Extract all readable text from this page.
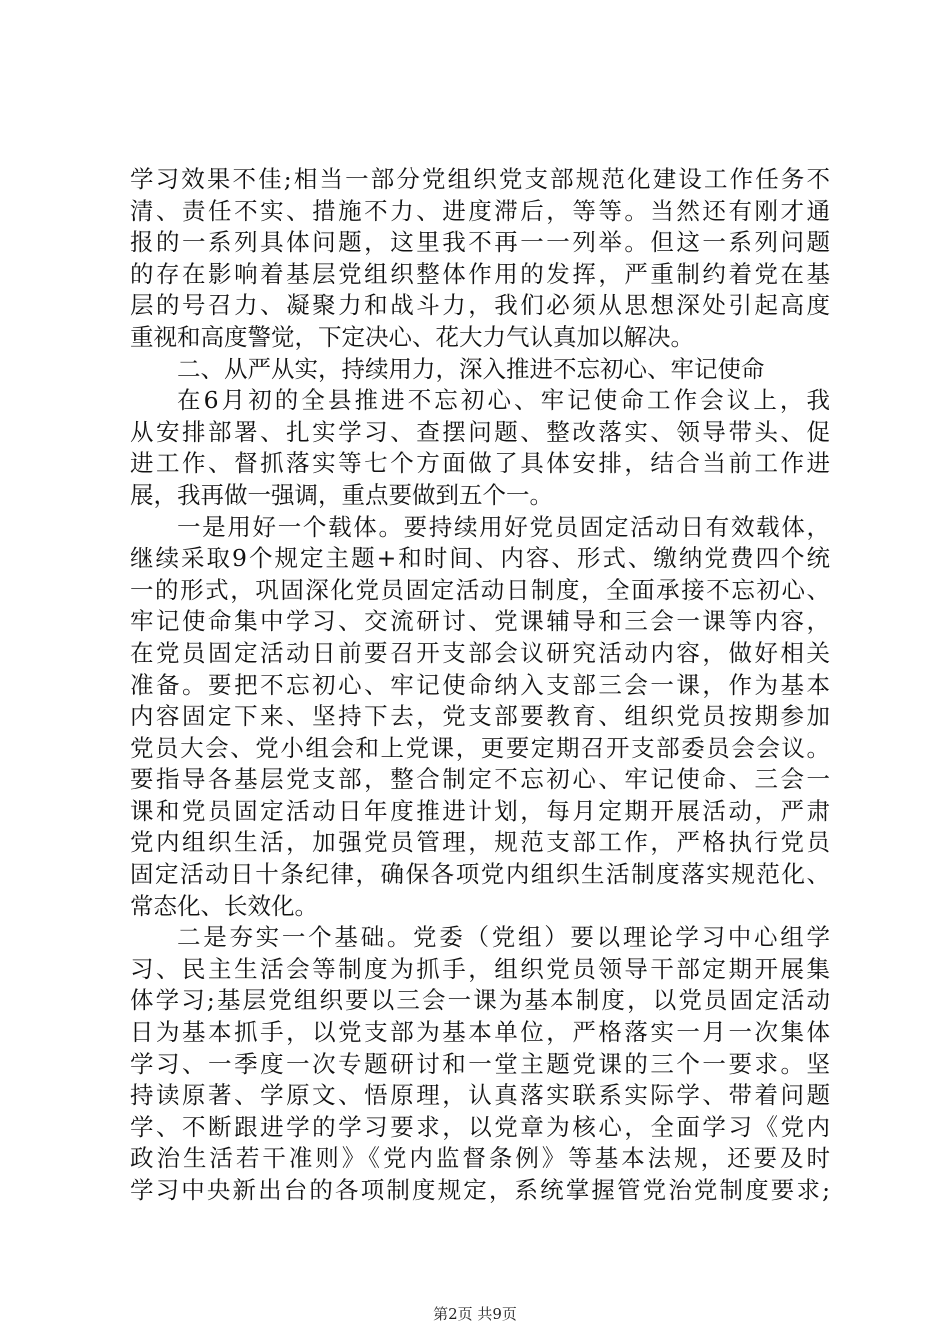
学习效果不佳;相当一部分党组织党支部规范化建设工作任务不
清、责任不实、措施不力、进度滞后，等等。当然还有刚才通
报的一系列具体问题，这里我不再一一列举。但这一系列问题
的存在影响着基层党组织整体作用的发挥，严重制约着党在基
层的号召力、凝聚力和战斗力，我们必须从思想深处引起高度
重视和高度警觉，下定决心、花大力气认真加以解决。
二、从严从实，持续用力，深入推进不忘初心、牢记使命
在6月初的全县推进不忘初心、牢记使命工作会议上，我
从安排部署、扎实学习、查摆问题、整改落实、领导带头、促
进工作、督抓落实等七个方面做了具体安排，结合当前工作进
展，我再做一强调，重点要做到五个一。
一是用好一个载体。要持续用好党员固定活动日有效载体，
继续采取9个规定主题+和时间、内容、形式、缴纳党费四个统
一的形式，巩固深化党员固定活动日制度，全面承接不忘初心、
牢记使命集中学习、交流研讨、党课辅导和三会一课等内容，
在党员固定活动日前要召开支部会议研究活动内容，做好相关
准备。要把不忘初心、牢记使命纳入支部三会一课，作为基本
内容固定下来、坚持下去，党支部要教育、组织党员按期参加
党员大会、党小组会和上党课，更要定期召开支部委员会会议。
要指导各基层党支部，整合制定不忘初心、牢记使命、三会一
课和党员固定活动日年度推进计划，每月定期开展活动，严肃
党内组织生活，加强党员管理，规范支部工作，严格执行党员
固定活动日十条纪律，确保各项党内组织生活制度落实规范化、
常态化、长效化。
二是夯实一个基础。党委（党组）要以理论学习中心组学
习、民主生活会等制度为抓手，组织党员领导干部定期开展集
体学习;基层党组织要以三会一课为基本制度，以党员固定活动
日为基本抓手，以党支部为基本单位，严格落实一月一次集体
学习、一季度一次专题研讨和一堂主题党课的三个一要求。坚
持读原著、学原文、悟原理，认真落实联系实际学、带着问题
学、不断跟进学的学习要求，以党章为核心，全面学习《党内
政治生活若干准则》《党内监督条例》等基本法规，还要及时
学习中央新出台的各项制度规定，系统掌握管党治党制度要求;
第2页 共9页
